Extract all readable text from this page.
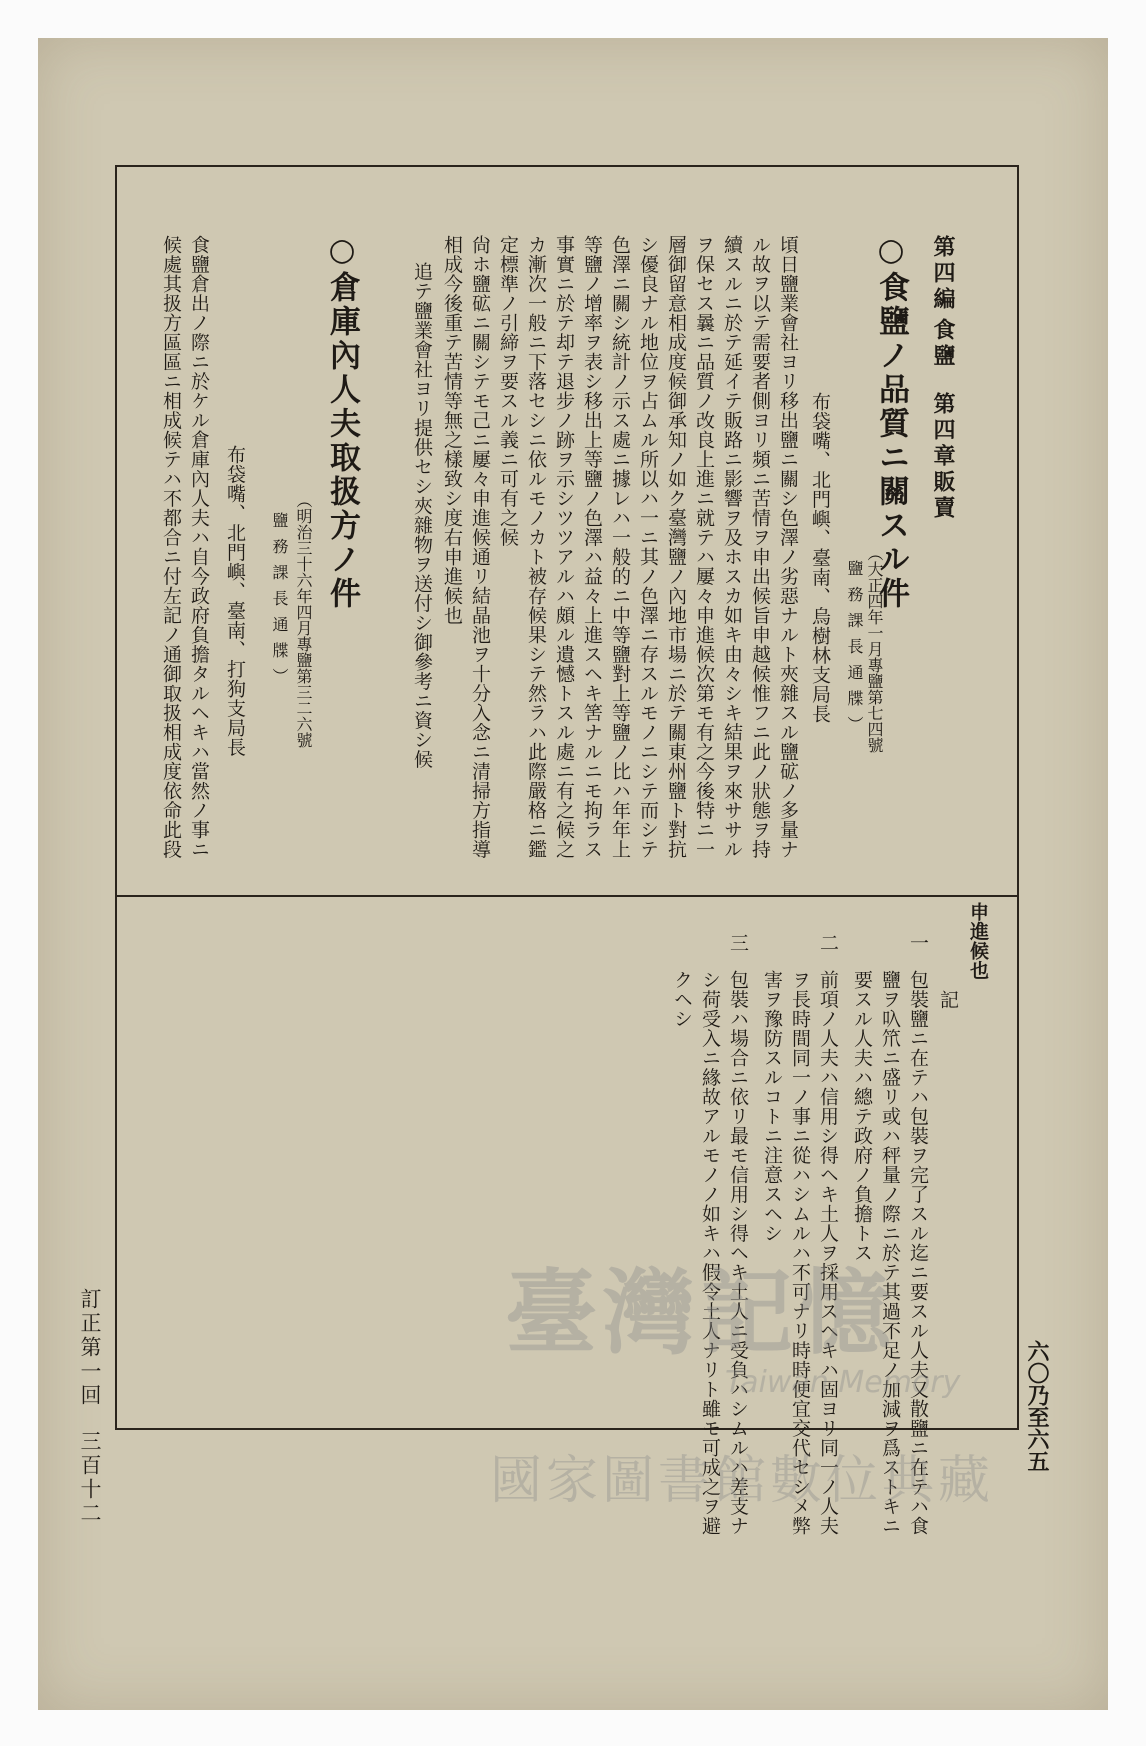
第四編
食鹽
第四章
販賣
○食鹽ノ品質ニ關スル件
（大正四年一月專鹽第七四號
鹽務課長通牒）
布袋嘴、北門嶼、臺南、烏樹林支局長
頃日鹽業會社ヨリ移出鹽ニ關シ色澤ノ劣惡ナルト夾雜スル鹽砿ノ多量ナ
ル故ヲ以テ需要者側ヨリ頻ニ苦情ヲ申出候旨申越候惟フニ此ノ狀態ヲ持
續スルニ於テ延イテ販路ニ影響ヲ及ホスカ如キ由々シキ結果ヲ來ササル
ヲ保セス曩ニ品質ノ改良上進ニ就テハ屢々申進候次第モ有之今後特ニ一
層御留意相成度候御承知ノ如ク臺灣鹽ノ內地市場ニ於テ關東州鹽ト對抗
シ優良ナル地位ヲ占ムル所以ハ一ニ其ノ色澤ニ存スルモノニシテ而シテ
色澤ニ關シ統計ノ示ス處ニ據レハ一般的ニ中等鹽對上等鹽ノ比ハ年年上
等鹽ノ增率ヲ表シ移出上等鹽ノ色澤ハ益々上進スヘキ筈ナルニモ拘ラス
事實ニ於テ却テ退步ノ跡ヲ示シツツアルハ頗ル遺憾トスル處ニ有之候之
カ漸次一般ニ下落セシニ依ルモノカト被存候果シテ然ラハ此際嚴格ニ鑑
定標準ノ引締ヲ要スル義ニ可有之候
尙ホ鹽砿ニ關シテモ己ニ屢々申進候通リ結晶池ヲ十分入念ニ清掃方指導
相成今後重テ苦情等無之樣致シ度右申進候也
追テ鹽業會社ヨリ提供セシ夾雜物ヲ送付シ御參考ニ資シ候
○倉庫內人夫取扱方ノ件
（明治三十六年四月專鹽第三二六號
鹽務課長通牒）
布袋嘴、北門嶼、臺南、打狗支局長
食鹽倉出ノ際ニ於ケル倉庫內人夫ハ自今政府負擔タルヘキハ當然ノ事ニ
候處其扱方區區ニ相成候テハ不都合ニ付左記ノ通御取扱相成度依命此段
申進候也
記
一
包裝鹽ニ在テハ包裝ヲ完了スル迄ニ要スル人夫又散鹽ニ在テハ食
鹽ヲ叺笊ニ盛リ或ハ秤量ノ際ニ於テ其過不足ノ加減ヲ爲ストキニ
要スル人夫ハ總テ政府ノ負擔トス
二
前項ノ人夫ハ信用シ得ヘキ土人ヲ採用スヘキハ固ヨリ同一ノ人夫
ヲ長時間同一ノ事ニ從ハシムルハ不可ナリ時時便宜交代セシメ弊
害ヲ豫防スルコトニ注意スヘシ
三
包裝ハ場合ニ依リ最モ信用シ得ヘキ土人ニ受負ハシムルハ差支ナ
シ荷受入ニ緣故アルモノノ如キハ假令土人ナリト雖モ可成之ヲ避
クヘシ
六〇乃至六五
訂正第一回
三百十二
臺灣記憶
Taiwan Memory
國家圖書館數位典藏
